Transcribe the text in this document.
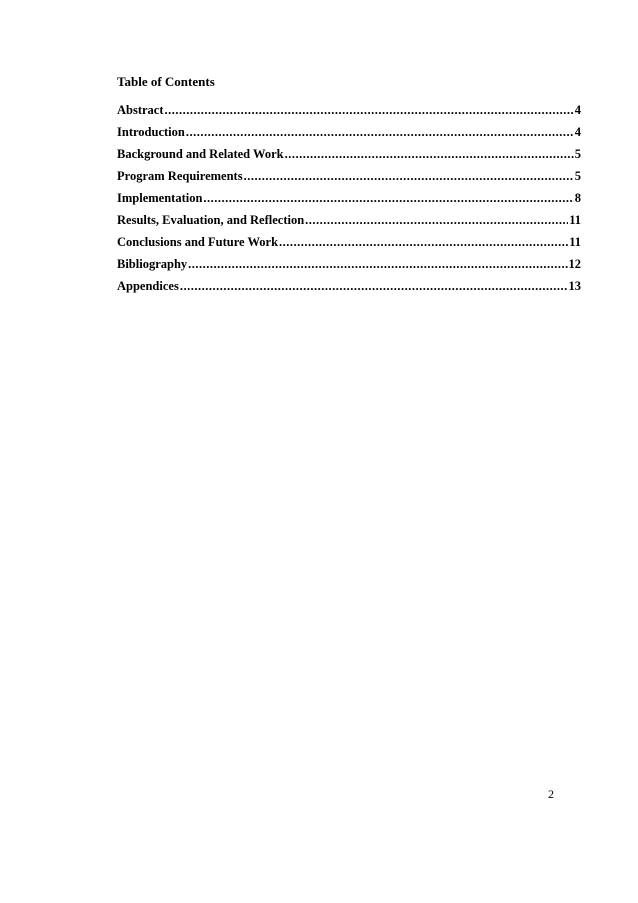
Table of Contents
Abstract .....	4
Introduction .....	4
Background and Related Work .....	5
Program Requirements .....	5
Implementation .....	8
Results, Evaluation, and Reflection .....	11
Conclusions and Future Work .....	11
Bibliography .....	12
Appendices .....	13
2
